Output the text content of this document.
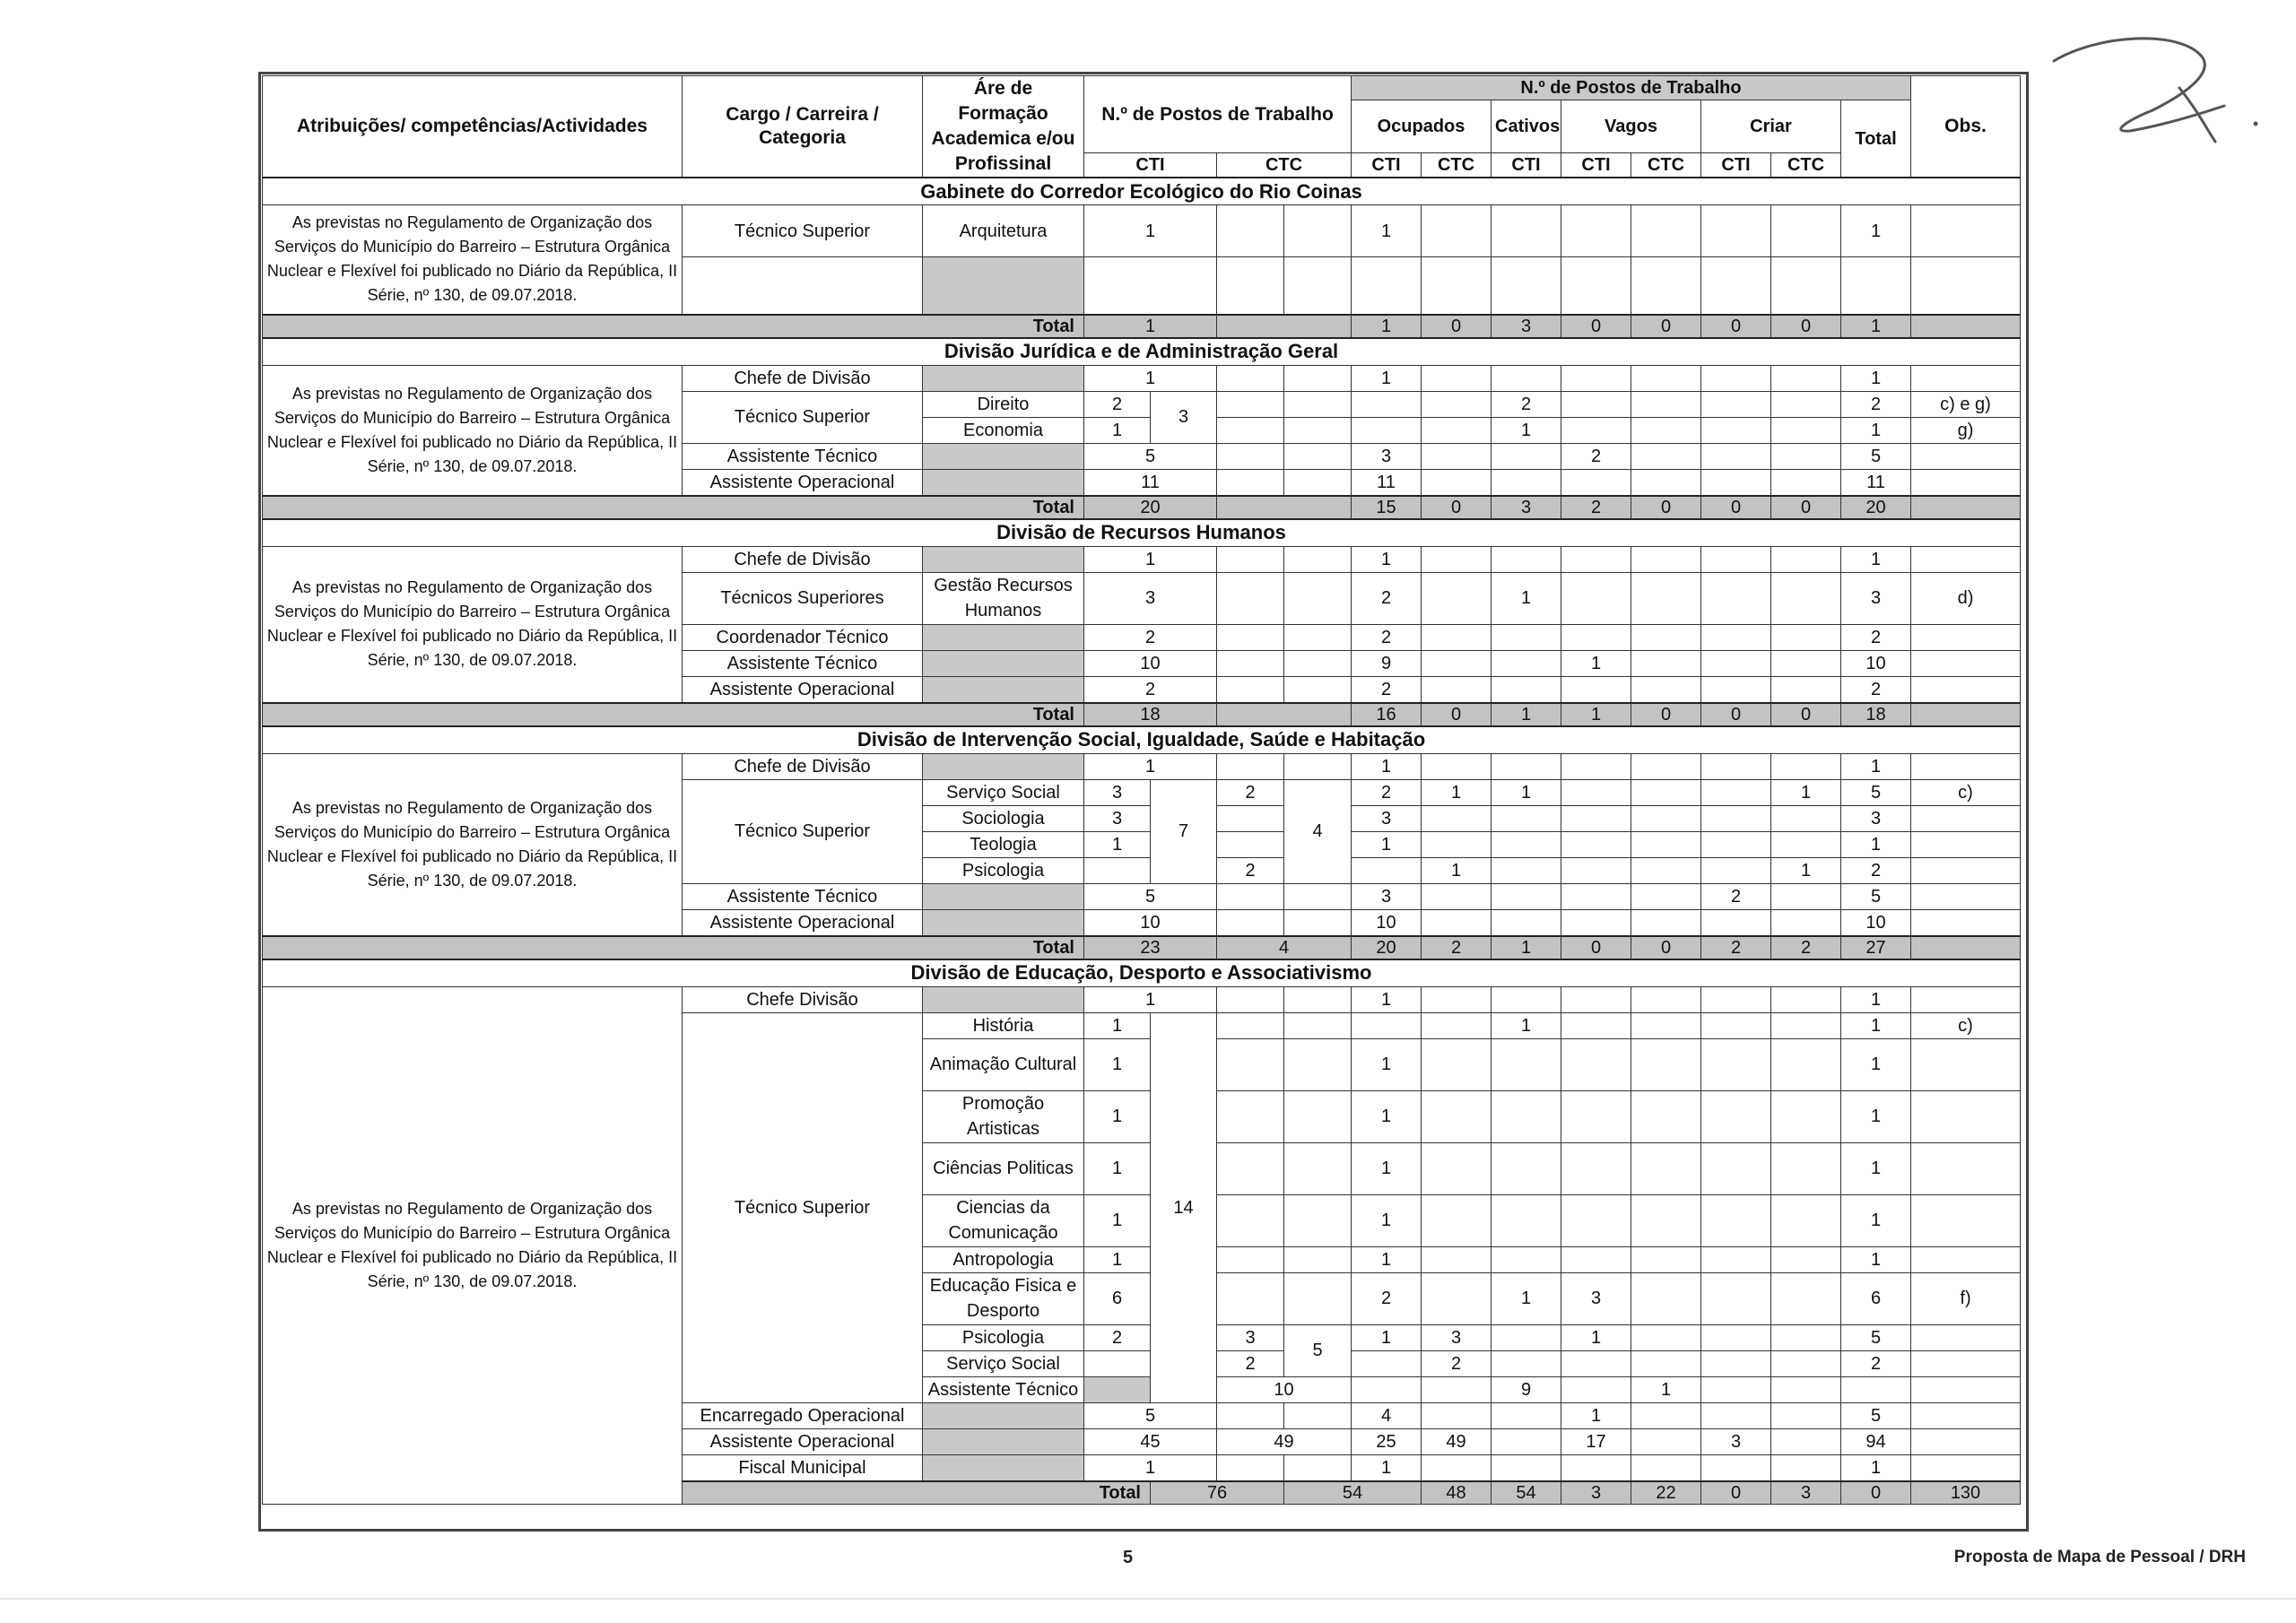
Atribuições/ competências/Actividades	Cargo / Carreira / Categoria	Áre de Formação Academica e/ou Profissinal	N.º de Postos de Trabalho				N.º de Postos de Trabalho								Obs.	
							Ocupados		Cativos	Vagos		Criar		Total		
			CTI		CTC		CTI	CTC	CTI	CTI	CTC	CTI	CTC			
Gabinete do Corredor Ecológico do Rio Coinas																
As previstas no Regulamento de Organização dos Serviços do Município do Barreiro – Estrutura Orgânica Nuclear e Flexível foi publicado no Diário da República, II Série, nº 130, de 09.07.2018.	Técnico Superior	Arquitetura	1				1							1		

Total			1				1	0	3	0	0	0	0	1		
Divisão Jurídica e de Administração Geral																
As previstas no Regulamento de Organização dos Serviços do Município do Barreiro – Estrutura Orgânica Nuclear e Flexível foi publicado no Diário da República, II Série, nº 130, de 09.07.2018.	Chefe de Divisão		1				1							1		
	Técnico Superior	Direito	2	3					2					2	c) e g)	
		Economia	1						1					1	g)	
	Assistente Técnico		5				3			2				5		
	Assistente Operacional		11				11							11		
Total			20				15	0	3	2	0	0	0	20		
Divisão de Recursos Humanos																
As previstas no Regulamento de Organização dos Serviços do Município do Barreiro – Estrutura Orgânica Nuclear e Flexível foi publicado no Diário da República, II Série, nº 130, de 09.07.2018.	Chefe de Divisão		1				1							1		
	Técnicos Superiores	Gestão Recursos Humanos	3				2		1					3	d)	
	Coordenador Técnico		2				2							2		
	Assistente Técnico		10				9			1				10		
	Assistente Operacional		2				2							2		
Total			18				16	0	1	1	0	0	0	18		
Divisão de Intervenção Social, Igualdade, Saúde e Habitação																
As previstas no Regulamento de Organização dos Serviços do Município do Barreiro – Estrutura Orgânica Nuclear e Flexível foi publicado no Diário da República, II Série, nº 130, de 09.07.2018.	Chefe de Divisão		1				1							1		
	Técnico Superior	Serviço Social	3	7	2	4	2	1	1				1	5	c)	
		Sociologia	3				3							3		
		Teologia	1				1							1		
		Psicologia			2			1					1	2		
	Assistente Técnico		5				3					2		5		
	Assistente Operacional		10				10							10		
Total			23		4		20	2	1	0	0	2	2	27		
Divisão de Educação, Desporto e Associativismo																
As previstas no Regulamento de Organização dos Serviços do Município do Barreiro – Estrutura Orgânica Nuclear e Flexível foi publicado no Diário da República, II Série, nº 130, de 09.07.2018.	Chefe Divisão		1				1							1		
	Técnico Superior	História	1	14					1					1	c)	
		Animação Cultural	1				1							1		
		Promoção Artisticas	1				1							1		
		Ciências Politicas	1				1							1		
		Ciencias da Comunicação	1				1							1		
		Antropologia	1				1							1		
		Educação Fisica e Desporto	6				2		1	3				6	f)	
		Psicologia	2		3	5	1	3		1				5		
		Serviço Social			2			2						2		
		Assistente Técnico			10				9		1						
	Encarregado Operacional		5				4			1				5		
	Assistente Operacional		45		49		25	49		17		3		94		
	Fiscal Municipal		1				1							1		
	Total			76		54		48	54	3	22	0	3	0	130	
5	Proposta de Mapa de Pessoal / DRH
